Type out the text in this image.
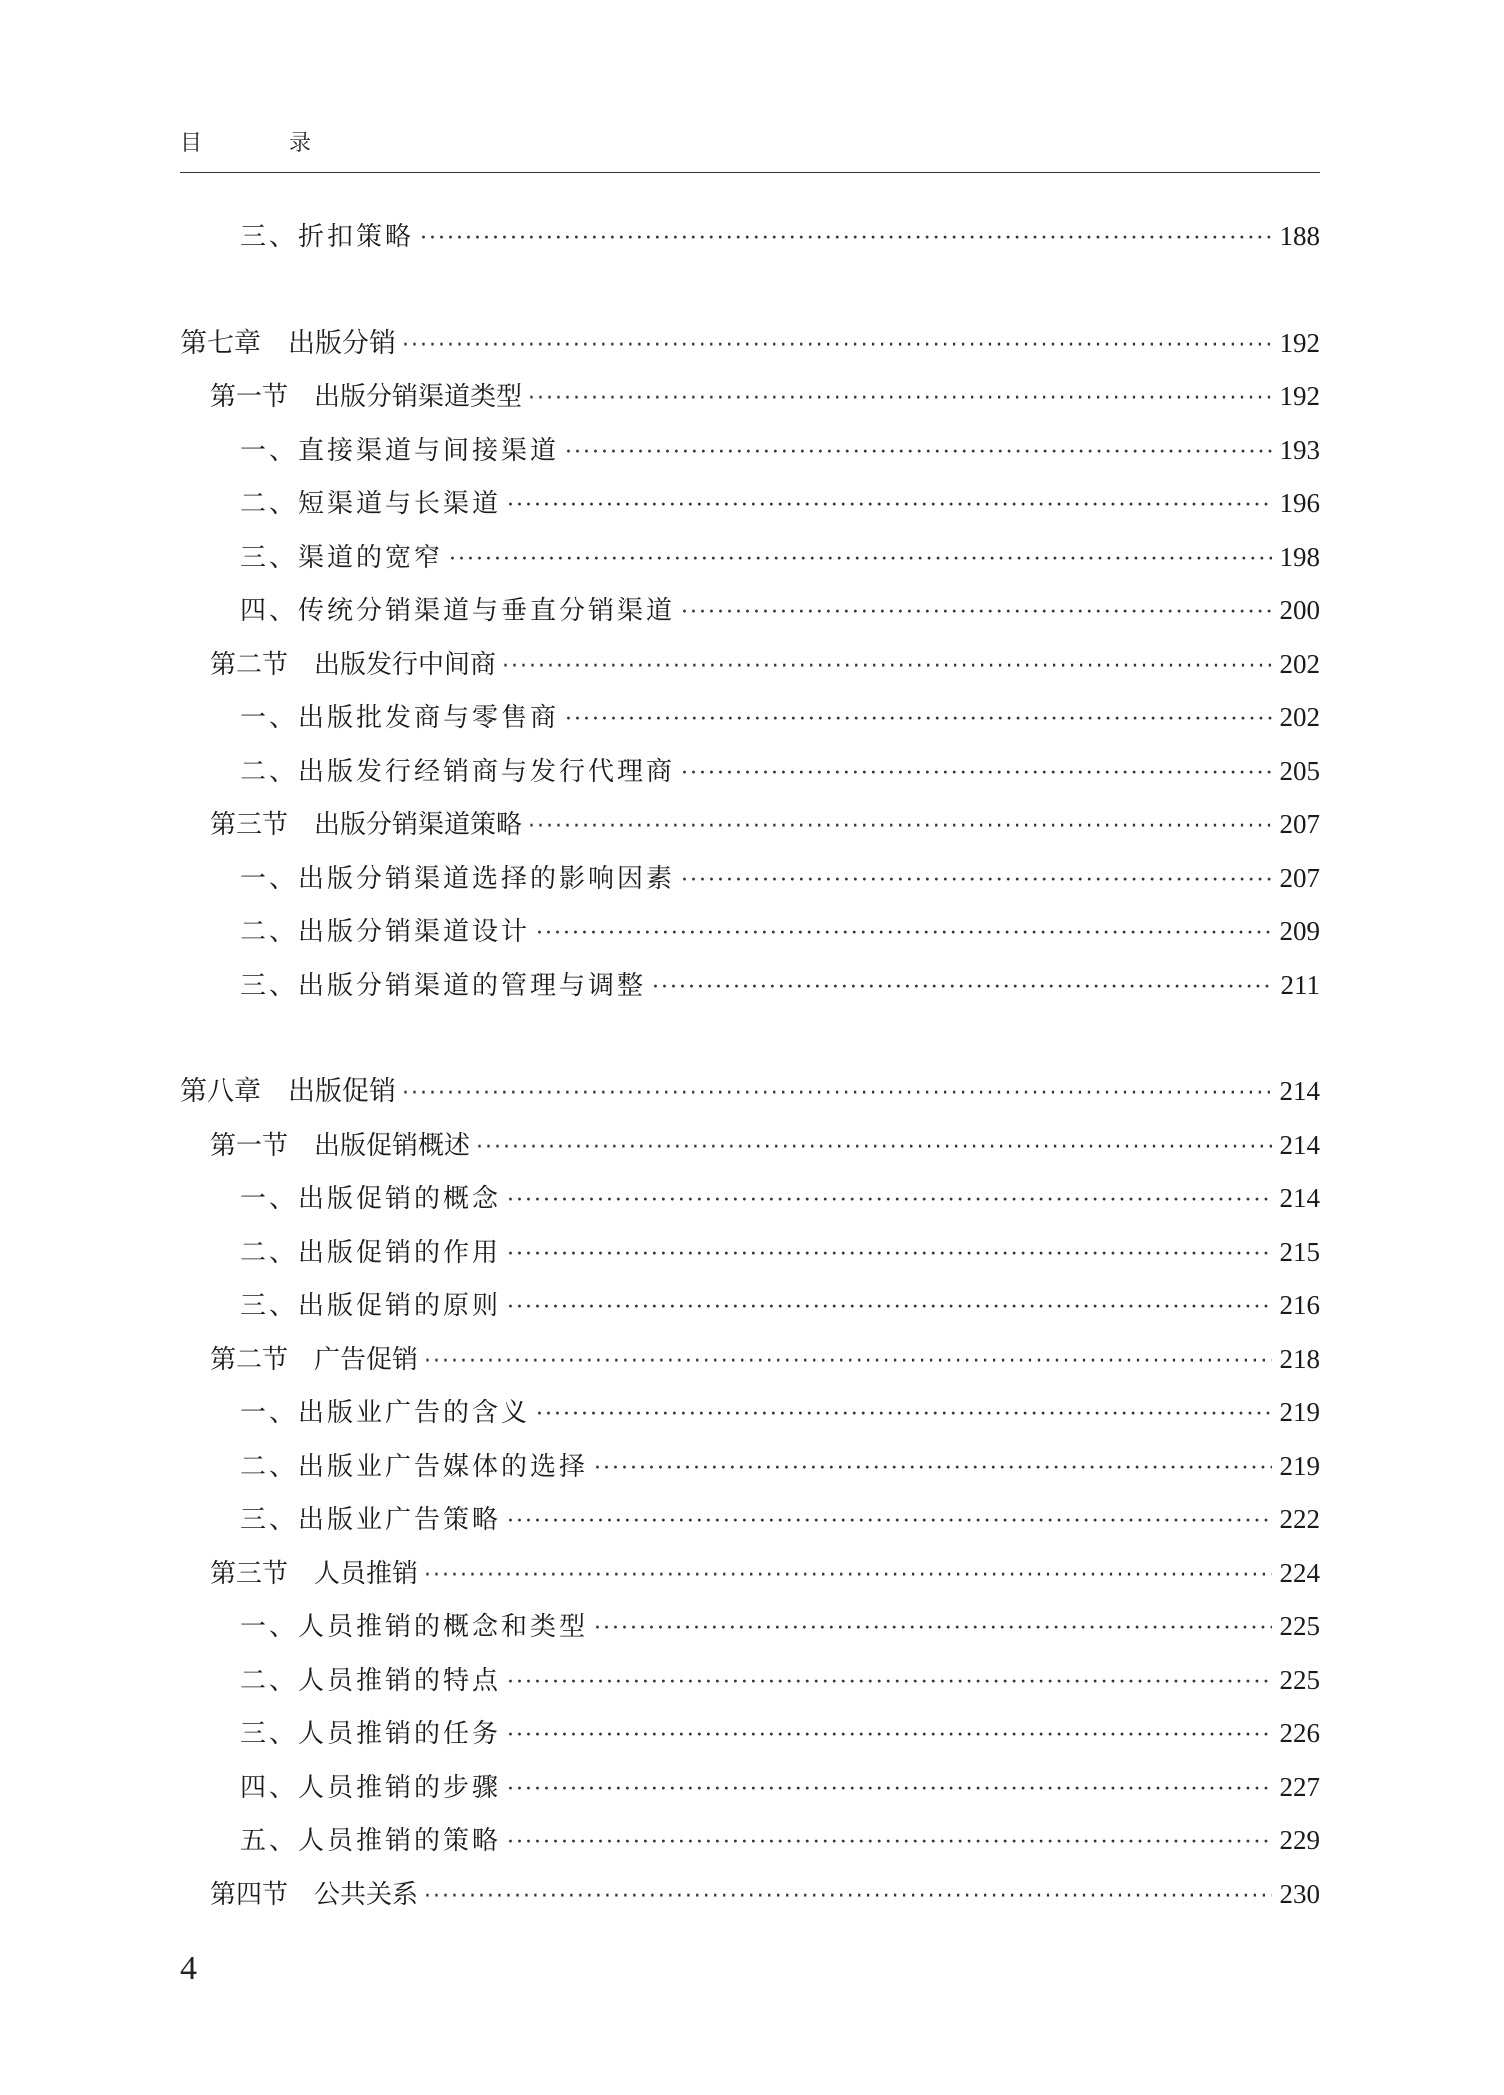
目 录
三、折扣策略 ·····	188
第七章　出版分销 ·····	192
第一节　出版分销渠道类型 ·····	192
一、直接渠道与间接渠道 ·····	193
二、短渠道与长渠道 ·····	196
三、渠道的宽窄 ·····	198
四、传统分销渠道与垂直分销渠道 ·····	200
第二节　出版发行中间商 ·····	202
一、出版批发商与零售商 ·····	202
二、出版发行经销商与发行代理商 ·····	205
第三节　出版分销渠道策略 ·····	207
一、出版分销渠道选择的影响因素 ·····	207
二、出版分销渠道设计 ·····	209
三、出版分销渠道的管理与调整 ·····	211
第八章　出版促销 ·····	214
第一节　出版促销概述 ·····	214
一、出版促销的概念 ·····	214
二、出版促销的作用 ·····	215
三、出版促销的原则 ·····	216
第二节　广告促销 ·····	218
一、出版业广告的含义 ·····	219
二、出版业广告媒体的选择 ·····	219
三、出版业广告策略 ·····	222
第三节　人员推销 ·····	224
一、人员推销的概念和类型 ·····	225
二、人员推销的特点 ·····	225
三、人员推销的任务 ·····	226
四、人员推销的步骤 ·····	227
五、人员推销的策略 ·····	229
第四节　公共关系 ·····	230
4
